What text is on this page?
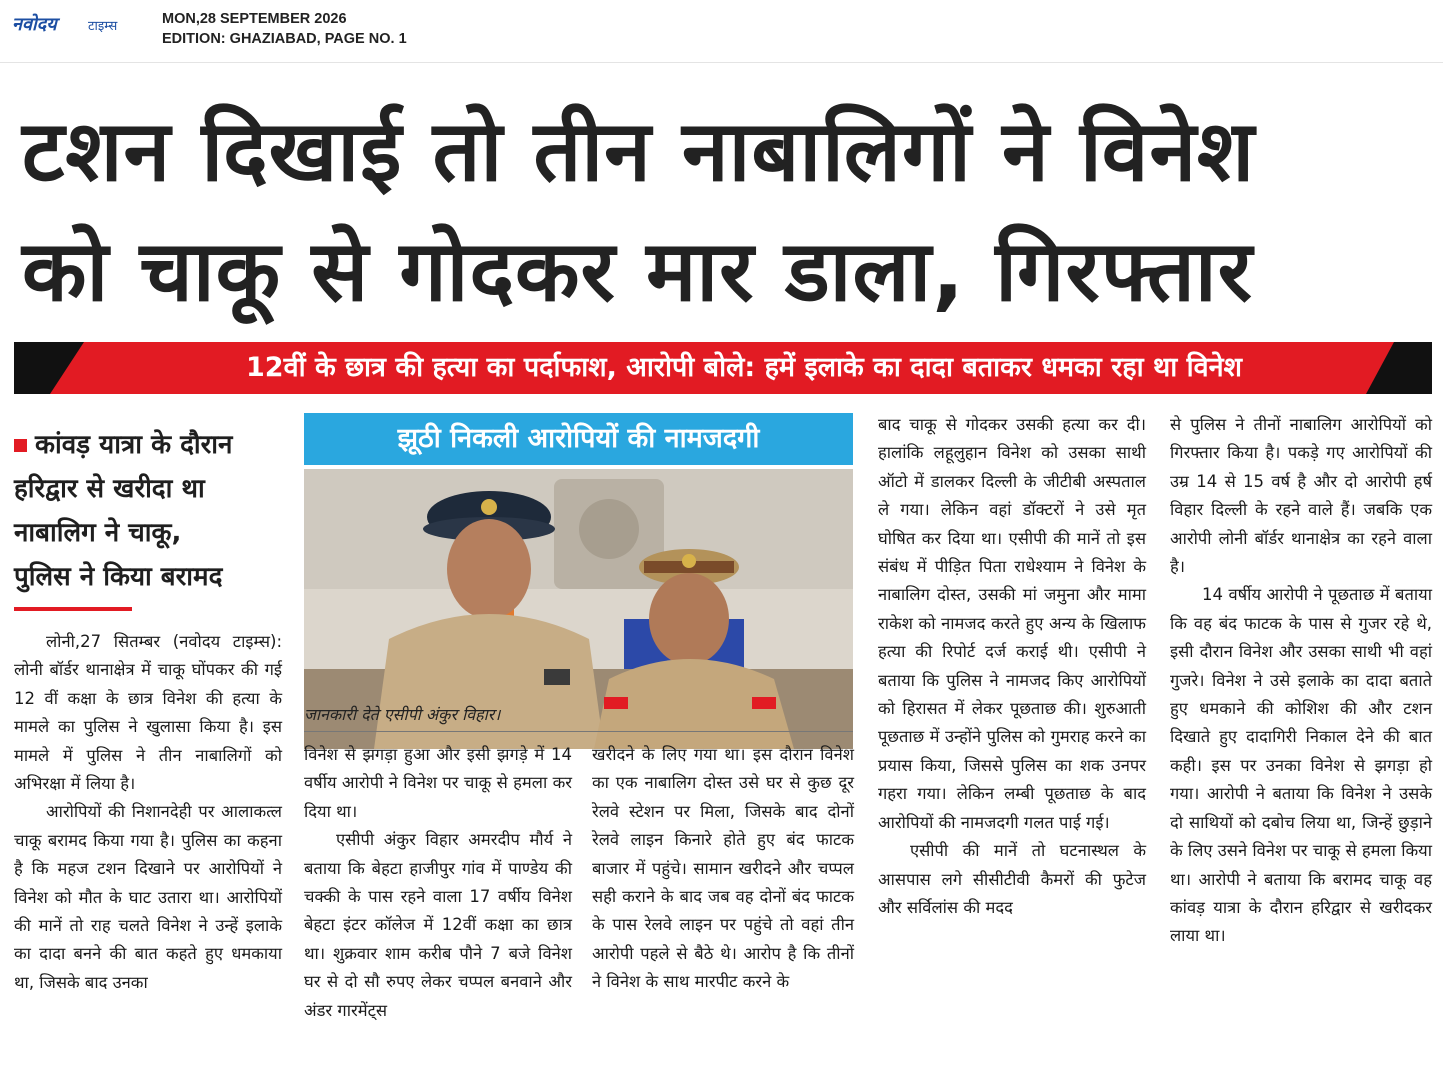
नवोदय टाइम्स	MON,28 SEPTEMBER 2026
EDITION: GHAZIABAD, PAGE NO. 1
टशन दिखाई तो तीन नाबालिगों ने विनेश
को चाकू से गोदकर मार डाला, गिरफ्तार
12वीं के छात्र की हत्या का पर्दाफाश, आरोपी बोले: हमें इलाके का दादा बताकर धमका रहा था विनेश
कांवड़ यात्रा के दौरान
हरिद्वार से खरीदा था
नाबालिग ने चाकू,
पुलिस ने किया बरामद

लोनी,27 सितम्बर (नवोदय टाइम्स): लोनी बॉर्डर थानाक्षेत्र में चाकू घोंपकर की गई 12 वीं कक्षा के छात्र विनेश की हत्या के मामले का पुलिस ने खुलासा किया है। इस मामले में पुलिस ने तीन नाबालिगों को अभिरक्षा में लिया है।

आरोपियों की निशानदेही पर आलाकत्ल चाकू बरामद किया गया है। पुलिस का कहना है कि महज टशन दिखाने पर आरोपियों ने विनेश को मौत के घाट उतारा था। आरोपियों की मानें तो राह चलते विनेश ने उन्हें इलाके का दादा बनने की बात कहते हुए धमकाया था, जिसके बाद उनका

झूठी निकली आरोपियों की नामजदगी
जानकारी देते एसीपी अंकुर विहार।

विनेश से झगड़ा हुआ और इसी झगड़े में 14 वर्षीय आरोपी ने विनेश पर चाकू से हमला कर दिया था।

एसीपी अंकुर विहार अमरदीप मौर्य ने बताया कि बेहटा हाजीपुर गांव में पाण्डेय की चक्की के पास रहने वाला 17 वर्षीय विनेश बेहटा इंटर कॉलेज में 12वीं कक्षा का छात्र था। शुक्रवार शाम करीब पौने 7 बजे विनेश घर से दो सौ रुपए लेकर चप्पल बनवाने और अंडर गारमेंट्स

खरीदने के लिए गया था। इस दौरान विनेश का एक नाबालिग दोस्त उसे घर से कुछ दूर रेलवे स्टेशन पर मिला, जिसके बाद दोनों रेलवे लाइन किनारे होते हुए बंद फाटक बाजार में पहुंचे। सामान खरीदने और चप्पल सही कराने के बाद जब वह दोनों बंद फाटक के पास रेलवे लाइन पर पहुंचे तो वहां तीन आरोपी पहले से बैठे थे। आरोप है कि तीनों ने विनेश के साथ मारपीट करने के

बाद चाकू से गोदकर उसकी हत्या कर दी। हालांकि लहूलुहान विनेश को उसका साथी ऑटो में डालकर दिल्ली के जीटीबी अस्पताल ले गया। लेकिन वहां डॉक्टरों ने उसे मृत घोषित कर दिया था। एसीपी की मानें तो इस संबंध में पीड़ित पिता राधेश्याम ने विनेश के नाबालिग दोस्त, उसकी मां जमुना और मामा राकेश को नामजद करते हुए अन्य के खिलाफ हत्या की रिपोर्ट दर्ज कराई थी। एसीपी ने बताया कि पुलिस ने नामजद किए आरोपियों को हिरासत में लेकर पूछताछ की। शुरुआती पूछताछ में उन्होंने पुलिस को गुमराह करने का प्रयास किया, जिससे पुलिस का शक उनपर गहरा गया। लेकिन लम्बी पूछताछ के बाद आरोपियों की नामजदगी गलत पाई गई।

एसीपी की मानें तो घटनास्थल के आसपास लगे सीसीटीवी कैमरों की फुटेज और सर्विलांस की मदद

से पुलिस ने तीनों नाबालिग आरोपियों को गिरफ्तार किया है। पकड़े गए आरोपियों की उम्र 14 से 15 वर्ष है और दो आरोपी हर्ष विहार दिल्ली के रहने वाले हैं। जबकि एक आरोपी लोनी बॉर्डर थानाक्षेत्र का रहने वाला है।

14 वर्षीय आरोपी ने पूछताछ में बताया कि वह बंद फाटक के पास से गुजर रहे थे, इसी दौरान विनेश और उसका साथी भी वहां गुजरे। विनेश ने उसे इलाके का दादा बताते हुए धमकाने की कोशिश की और टशन दिखाते हुए दादागिरी निकाल देने की बात कही। इस पर उनका विनेश से झगड़ा हो गया। आरोपी ने बताया कि विनेश ने उसके दो साथियों को दबोच लिया था, जिन्हें छुड़ाने के लिए उसने विनेश पर चाकू से हमला किया था। आरोपी ने बताया कि बरामद चाकू वह कांवड़ यात्रा के दौरान हरिद्वार से खरीदकर लाया था।
